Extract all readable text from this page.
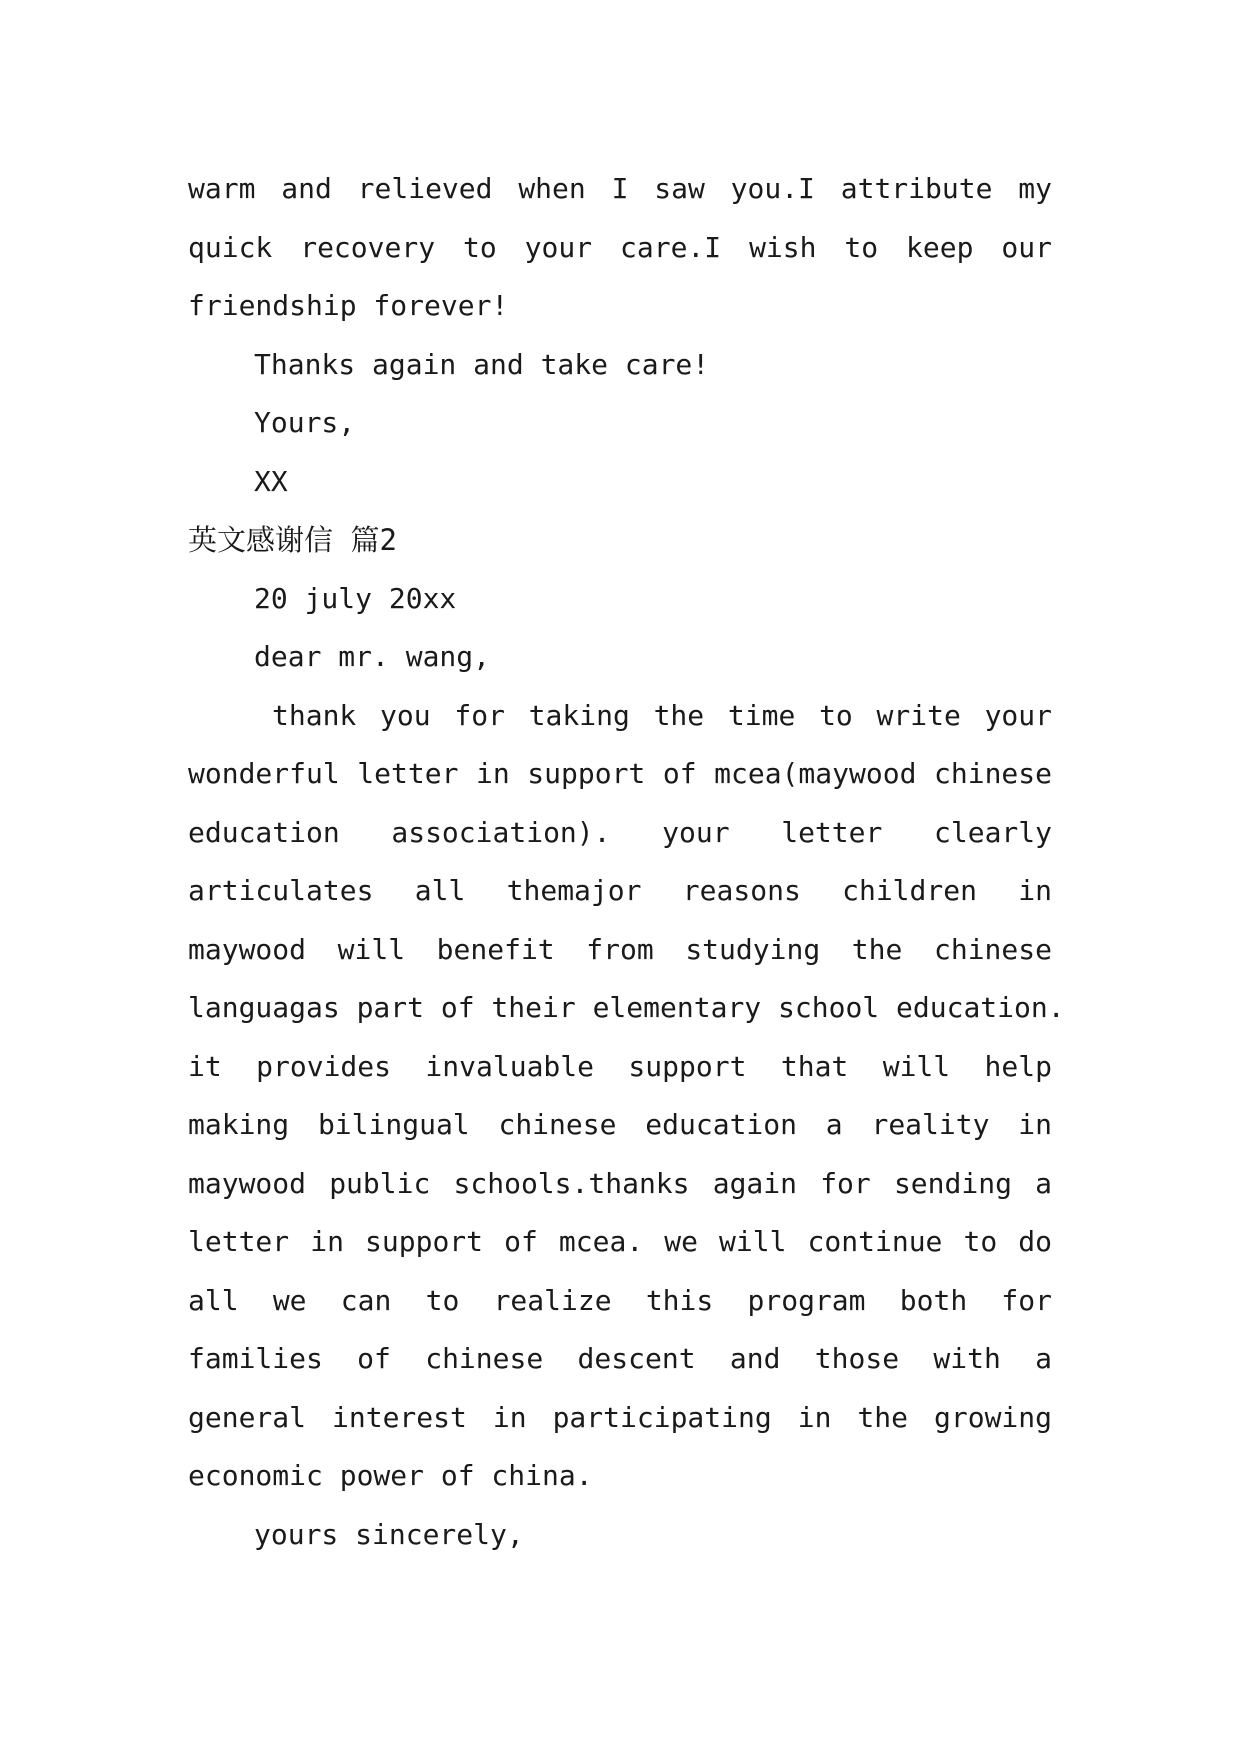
warm and relieved when I saw you.I attribute my
quick recovery to your care.I wish to keep our
friendship forever!
Thanks again and take care!
Yours,
XX
英文感谢信 篇2
20 july 20xx
dear mr. wang,
thank you for taking the time to write your
wonderful letter in support of mcea(maywood chinese
education association). your letter clearly
articulates all themajor reasons children in
maywood will benefit from studying the chinese
languagas part of their elementary school education.
it provides invaluable support that will help
making bilingual chinese education a reality in
maywood public schools.thanks again for sending a
letter in support of mcea. we will continue to do
all we can to realize this program both for
families of chinese descent and those with a
general interest in participating in the growing
economic power of china.
yours sincerely,
